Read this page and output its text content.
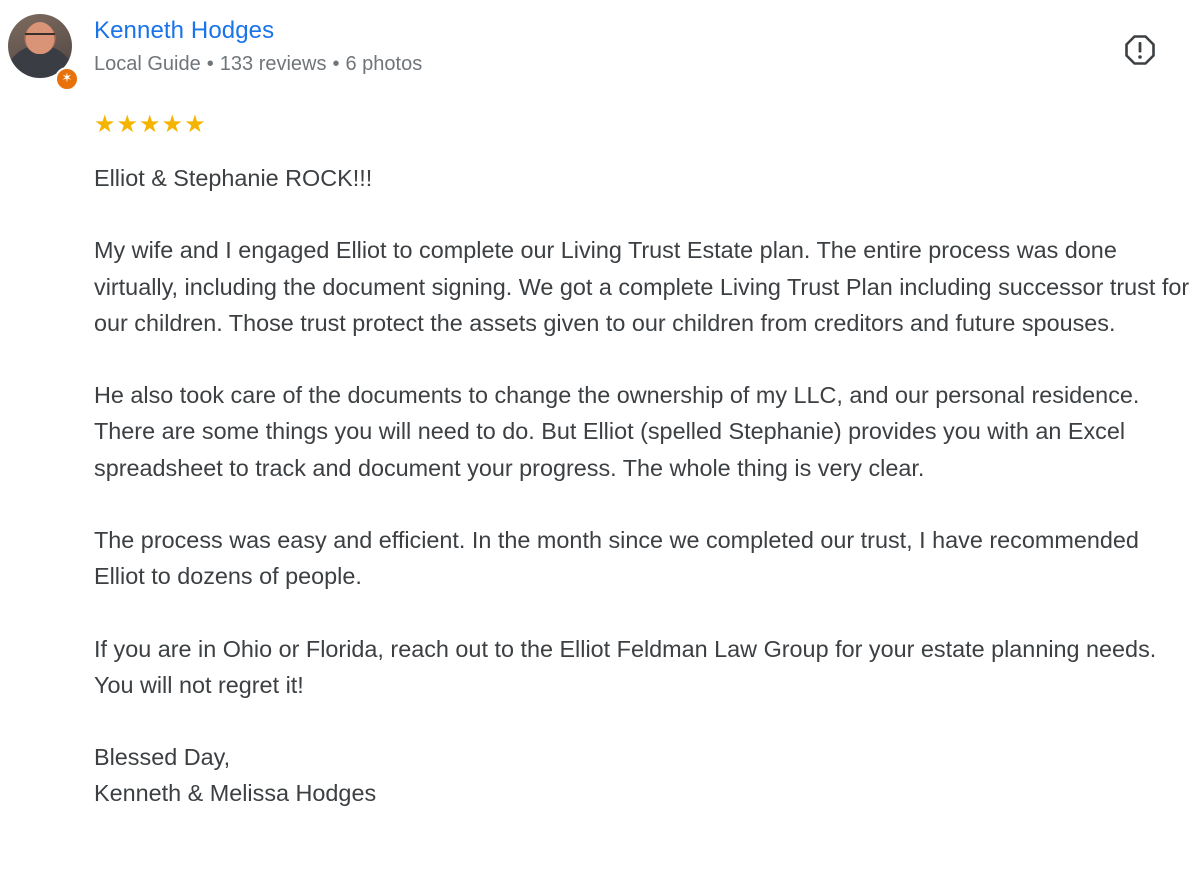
✶
Kenneth Hodges
Local Guide • 133 reviews • 6 photos
★★★★★

Elliot & Stephanie ROCK!!!

My wife and I engaged Elliot to complete our Living Trust Estate plan. The entire process was done virtually, including the document signing. We got a complete Living Trust Plan including successor trust for our children. Those trust protect the assets given to our children from creditors and future spouses.

He also took care of the documents to change the ownership of my LLC, and our personal residence. There are some things you will need to do. But Elliot (spelled Stephanie) provides you with an Excel spreadsheet to track and document your progress. The whole thing is very clear.

The process was easy and efficient. In the month since we completed our trust, I have recommended Elliot to dozens of people.

If you are in Ohio or Florida, reach out to the Elliot Feldman Law Group for your estate planning needs. You will not regret it!

Blessed Day,
Kenneth & Melissa Hodges
